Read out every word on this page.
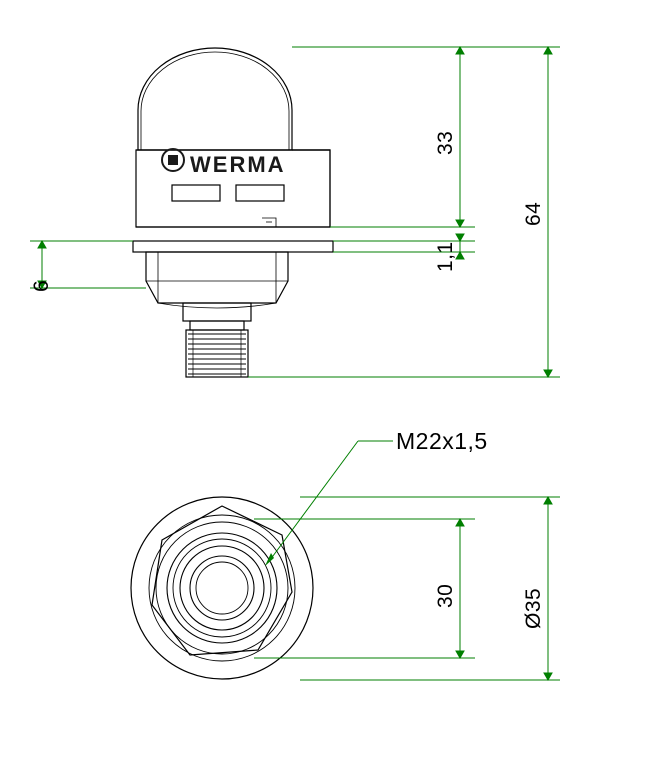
WERMA
33
1,1
64
6
30	Ø35
M22x1,5
